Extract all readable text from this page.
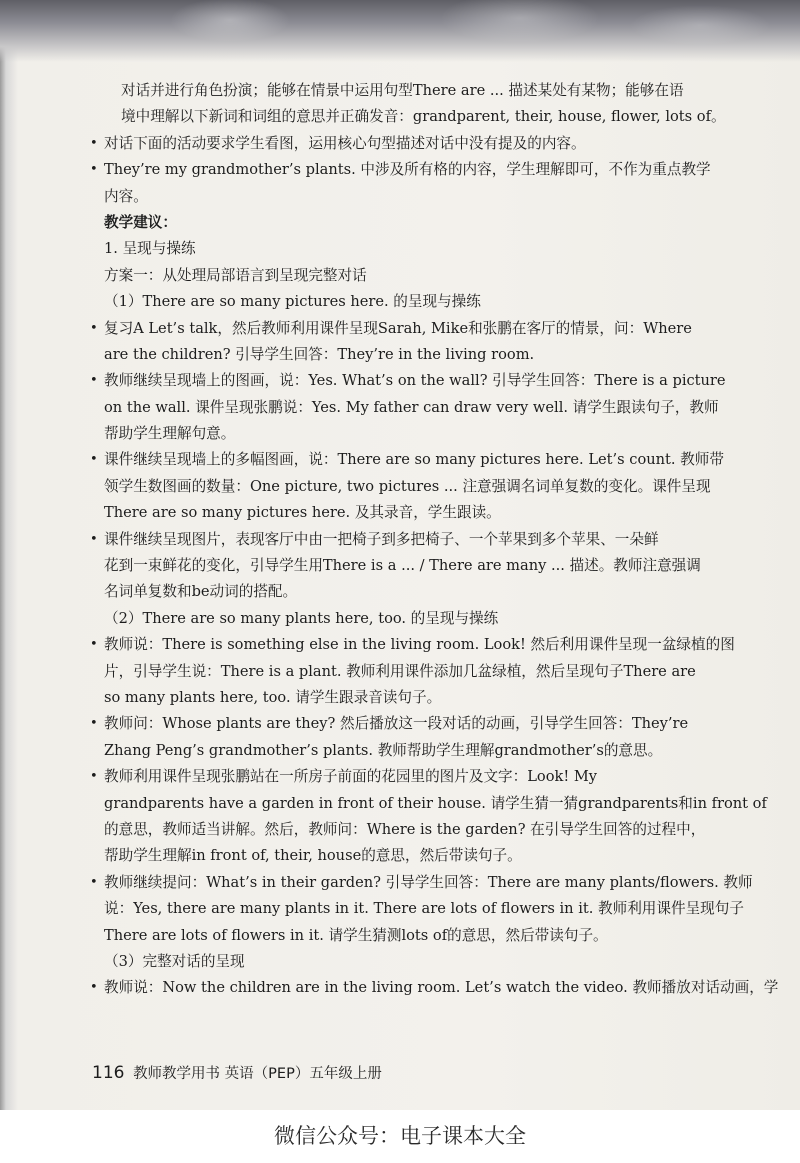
对话并进行角色扮演；能够在情景中运用句型There are ... 描述某处有某物；能够在语
境中理解以下新词和词组的意思并正确发音：grandparent, their, house, flower, lots of。
• 对话下面的活动要求学生看图，运用核心句型描述对话中没有提及的内容。
• They’re my grandmother’s plants. 中涉及所有格的内容，学生理解即可，不作为重点教学
内容。
教学建议：
1. 呈现与操练
方案一：从处理局部语言到呈现完整对话
（1）There are so many pictures here. 的呈现与操练
• 复习A Let’s talk，然后教师利用课件呈现Sarah, Mike和张鹏在客厅的情景，问：Where
are the children? 引导学生回答：They’re in the living room.
• 教师继续呈现墙上的图画，说：Yes. What’s on the wall? 引导学生回答：There is a picture
on the wall. 课件呈现张鹏说：Yes. My father can draw very well. 请学生跟读句子，教师
帮助学生理解句意。
• 课件继续呈现墙上的多幅图画，说：There are so many pictures here. Let’s count. 教师带
领学生数图画的数量：One picture, two pictures ... 注意强调名词单复数的变化。课件呈现
There are so many pictures here. 及其录音，学生跟读。
• 课件继续呈现图片，表现客厅中由一把椅子到多把椅子、一个苹果到多个苹果、一朵鲜
花到一束鲜花的变化，引导学生用There is a ... / There are many ... 描述。教师注意强调
名词单复数和be动词的搭配。
（2）There are so many plants here, too. 的呈现与操练
• 教师说：There is something else in the living room. Look! 然后利用课件呈现一盆绿植的图
片，引导学生说：There is a plant. 教师利用课件添加几盆绿植，然后呈现句子There are
so many plants here, too. 请学生跟录音读句子。
• 教师问：Whose plants are they? 然后播放这一段对话的动画，引导学生回答：They’re
Zhang Peng’s grandmother’s plants. 教师帮助学生理解grandmother’s的意思。
• 教师利用课件呈现张鹏站在一所房子前面的花园里的图片及文字：Look! My
grandparents have a garden in front of their house. 请学生猜一猜grandparents和in front of
的意思，教师适当讲解。然后，教师问：Where is the garden? 在引导学生回答的过程中，
帮助学生理解in front of, their, house的意思，然后带读句子。
• 教师继续提问：What’s in their garden? 引导学生回答：There are many plants/flowers. 教师
说：Yes, there are many plants in it. There are lots of flowers in it. 教师利用课件呈现句子
There are lots of flowers in it. 请学生猜测lots of的意思，然后带读句子。
（3）完整对话的呈现
• 教师说：Now the children are in the living room. Let’s watch the video. 教师播放对话动画，学
116 教师教学用书 英语（PEP）五年级上册
微信公众号：电子课本大全
